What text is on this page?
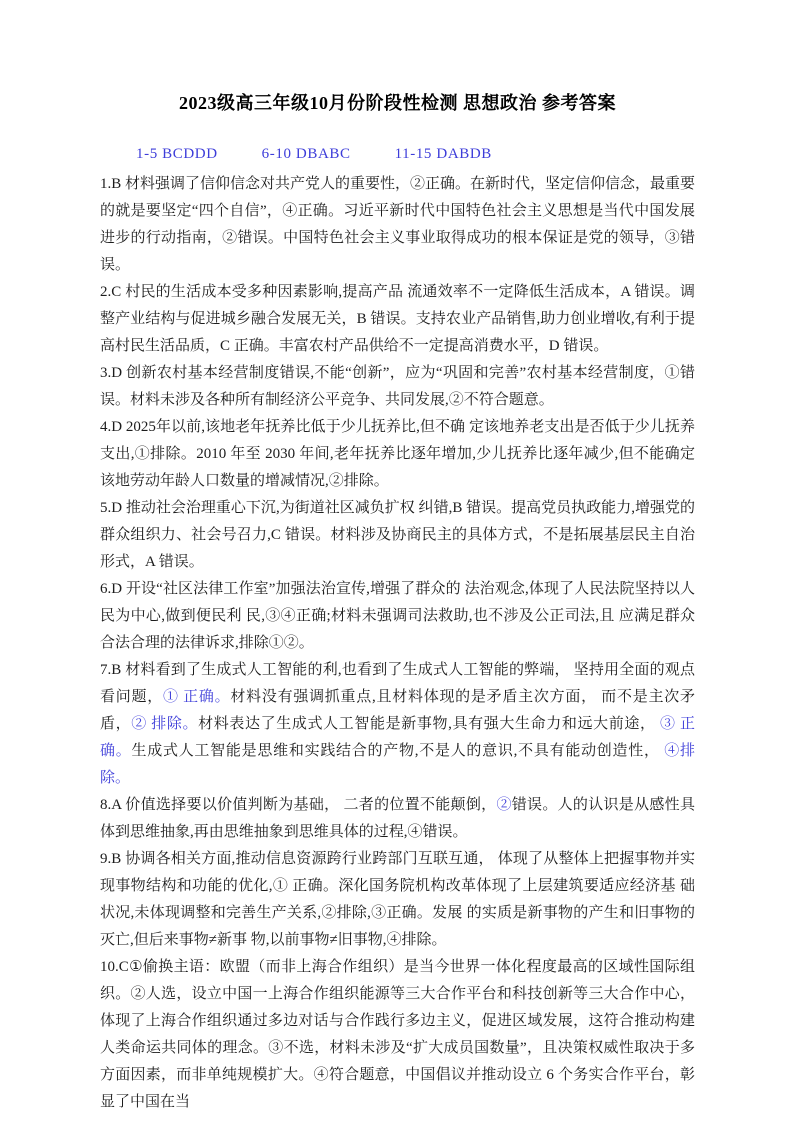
2023级高三年级10月份阶段性检测 思想政治 参考答案
1-5 BCDDD	6-10 DBABC	11-15 DABDB

1.B 材料强调了信仰信念对共产党人的重要性，②正确。在新时代，坚定信仰信念，最重要的就是要坚定“四个自信”，④正确。习近平新时代中国特色社会主义思想是当代中国发展进步的行动指南，②错误。中国特色社会主义事业取得成功的根本保证是党的领导，③错误。

2.C 村民的生活成本受多种因素影响,提高产品 流通效率不一定降低生活成本，A 错误。调整产业结构与促进城乡融合发展无关，B 错误。支持农业产品销售,助力创业增收,有利于提高村民生活品质，C 正确。丰富农村产品供给不一定提高消费水平，D 错误。

3.D 创新农村基本经营制度错误,不能“创新”，应为“巩固和完善”农村基本经营制度，①错误。材料未涉及各种所有制经济公平竞争、共同发展,②不符合题意。

4.D 2025年以前,该地老年抚养比低于少儿抚养比,但不确 定该地养老支出是否低于少儿抚养支出,①排除。2010 年至 2030 年间,老年抚养比逐年增加,少儿抚养比逐年减少,但不能确定该地劳动年龄人口数量的增减情况,②排除。

5.D 推动社会治理重心下沉,为街道社区减负扩权 纠错,B 错误。提高党员执政能力,增强党的群众组织力、社会号召力,C 错误。材料涉及协商民主的具体方式，不是拓展基层民主自治形式，A 错误。

6.D 开设“社区法律工作室”加强法治宣传,增强了群众的 法治观念,体现了人民法院坚持以人民为中心,做到便民利 民,③④正确;材料未强调司法救助,也不涉及公正司法,且 应满足群众合法合理的法律诉求,排除①②。

7.B 材料看到了生成式人工智能的利,也看到了生成式人工智能的弊端， 坚持用全面的观点看问题，① 正确。材料没有强调抓重点,且材料体现的是矛盾主次方面， 而不是主次矛盾，② 排除。材料表达了生成式人工智能是新事物,具有强大生命力和远大前途， ③ 正确。生成式人工智能是思维和实践结合的产物,不是人的意识,不具有能动创造性， ④排除。

8.A 价值选择要以价值判断为基础， 二者的位置不能颠倒，②错误。人的认识是从感性具体到思维抽象,再由思维抽象到思维具体的过程,④错误。

9.B 协调各相关方面,推动信息资源跨行业跨部门互联互通， 体现了从整体上把握事物并实现事物结构和功能的优化,① 正确。深化国务院机构改革体现了上层建筑要适应经济基 础状况,未体现调整和完善生产关系,②排除,③正确。发展 的实质是新事物的产生和旧事物的灭亡,但后来事物≠新事 物,以前事物≠旧事物,④排除。

10.C①偷换主语：欧盟（而非上海合作组织）是当今世界一体化程度最高的区域性国际组织。②人选，设立中国一上海合作组织能源等三大合作平台和科技创新等三大合作中心，体现了上海合作组织通过多边对话与合作践行多边主义，促进区域发展，这符合推动构建人类命运共同体的理念。③不选，材料未涉及“扩大成员国数量”，且决策权威性取决于多方面因素，而非单纯规模扩大。④符合题意，中国倡议并推动设立 6 个务实合作平台，彰显了中国在当
